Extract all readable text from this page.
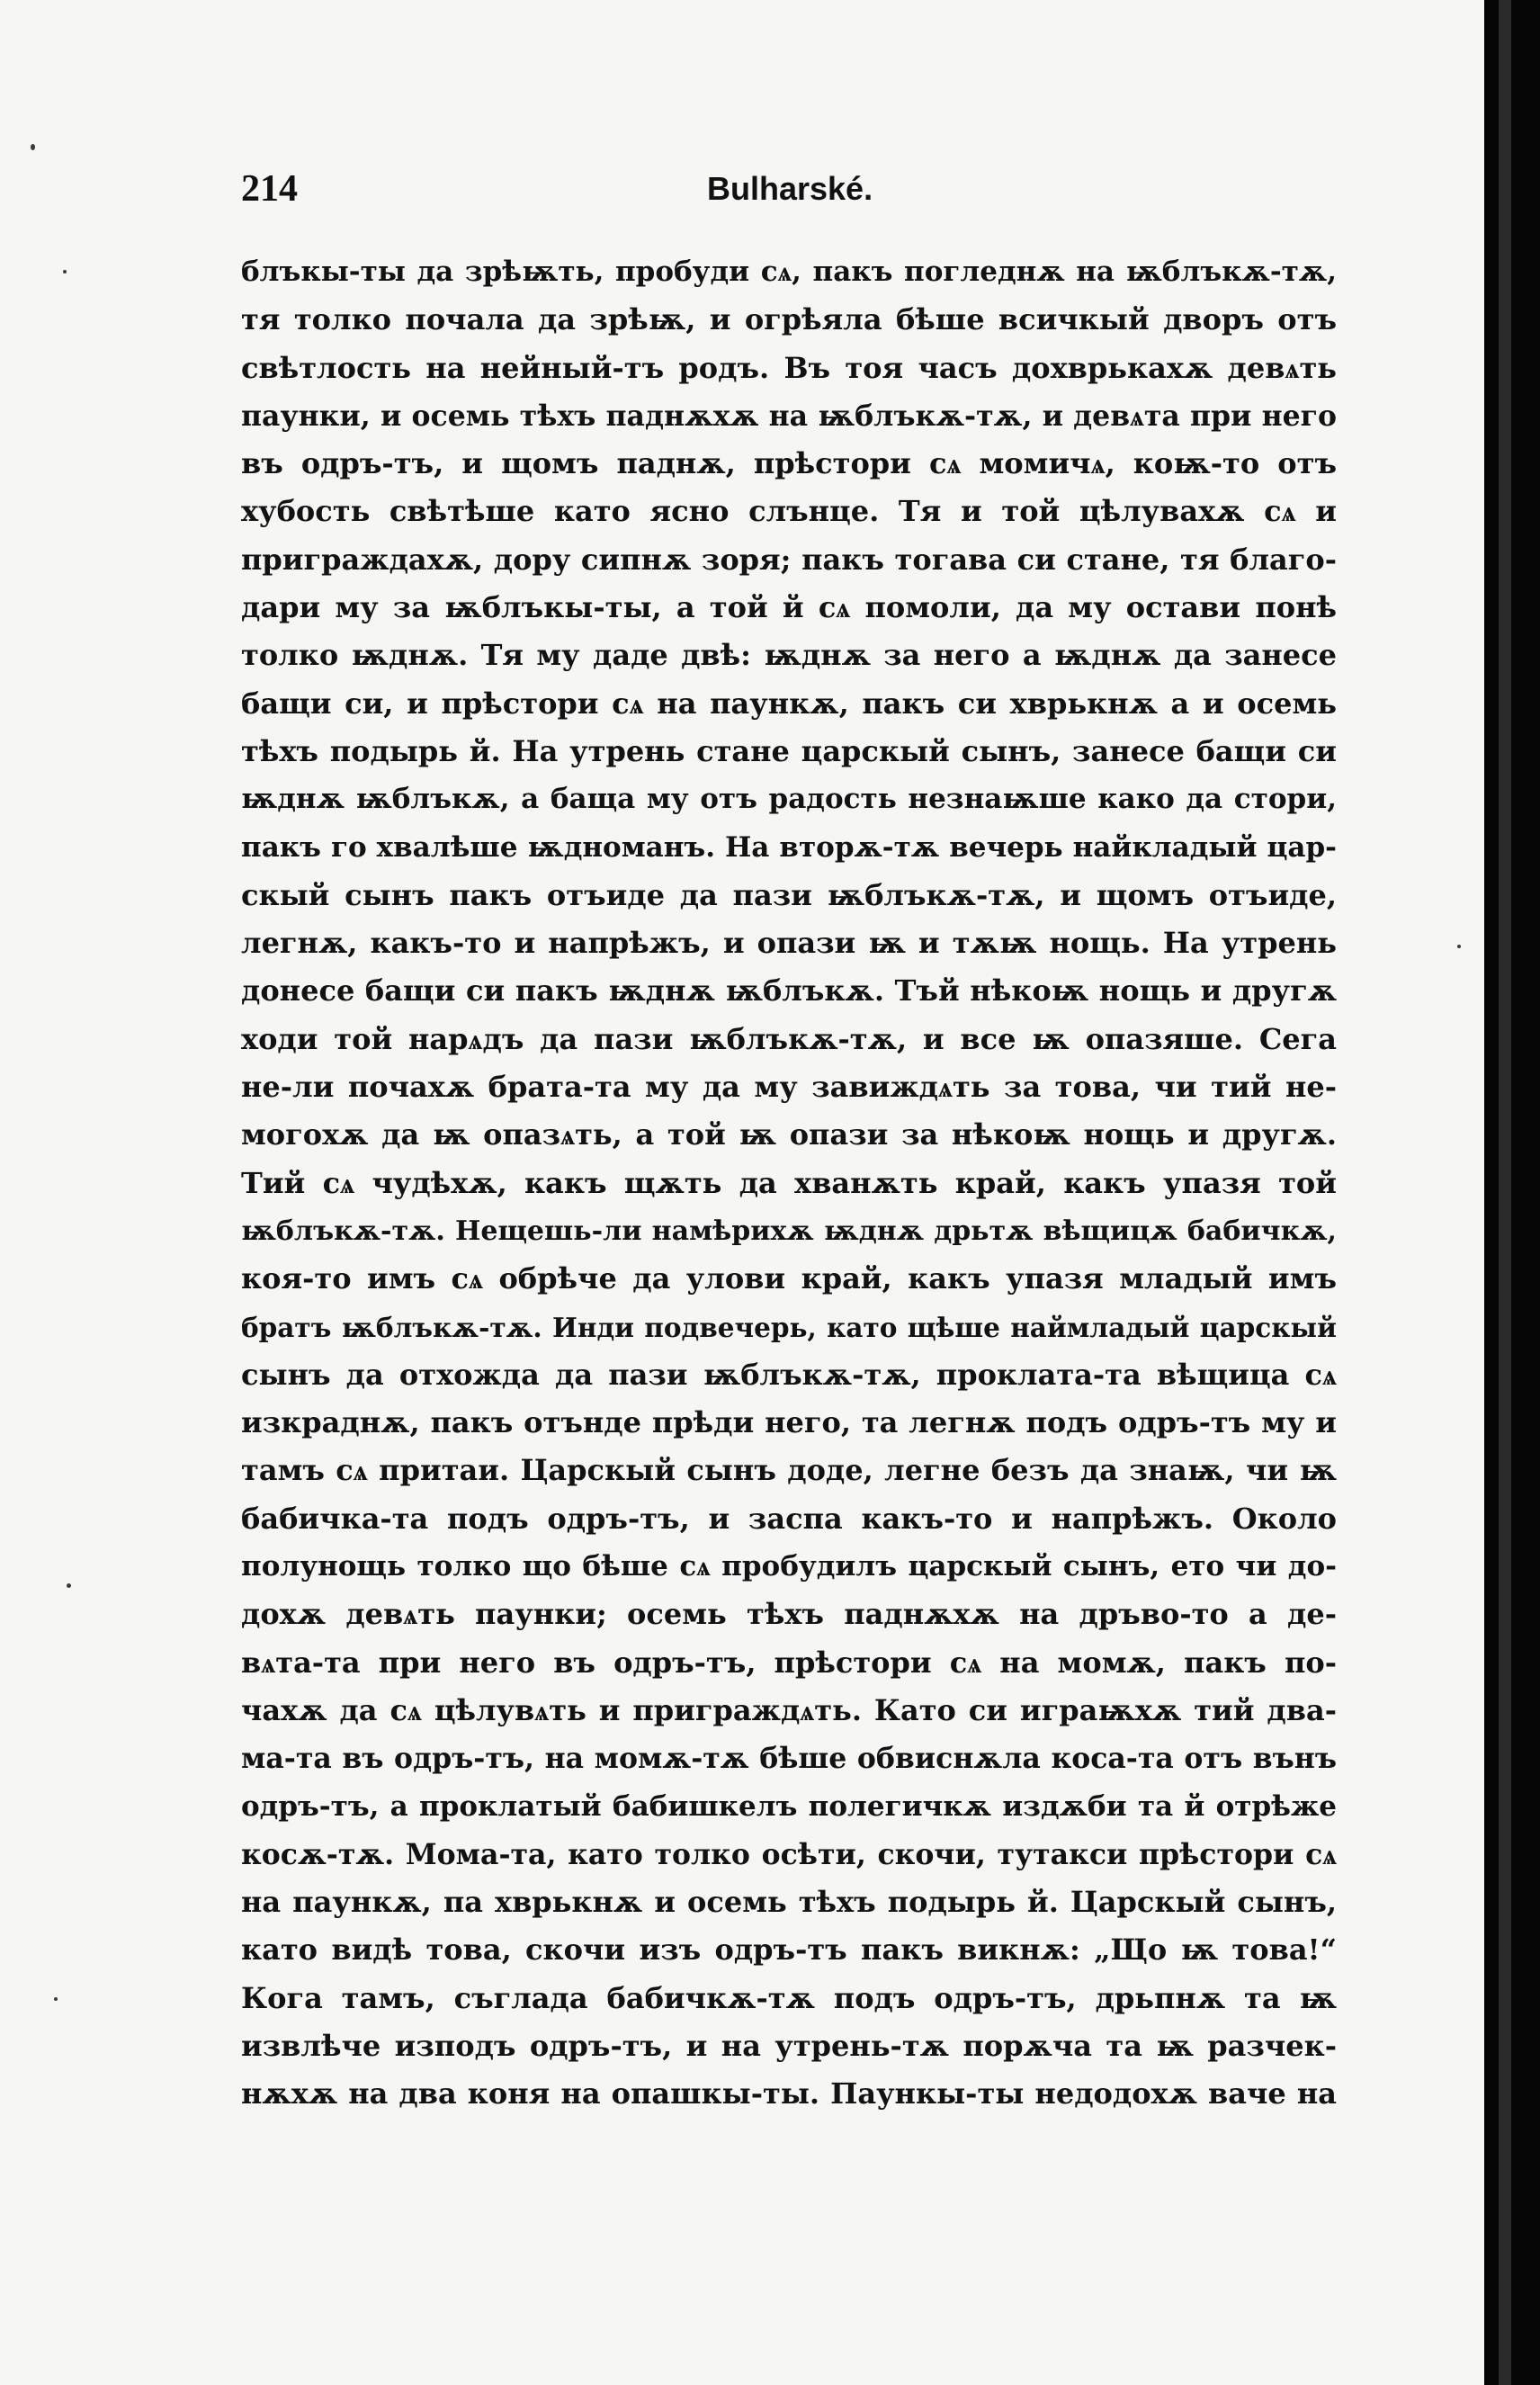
214	Bulharské.
блъкы-ты да зрѣѭть, пробуди сѧ, пакъ погледнѫ на ѭблъкѫ-тѫ,
тя толко почала да зрѣѭ, и огрѣяла бѣше всичкый дворъ отъ
свѣтлость на нейный-тъ родъ. Въ тоя часъ дохврькахѫ девѧть
паунки, и осемь тѣхъ паднѫхѫ на ѭблъкѫ-тѫ, и девѧта при него
въ одръ-тъ, и щомъ паднѫ, прѣстори сѧ момичѧ, коѭ-то отъ
хубость свѣтѣше като ясно слънце. Тя и той цѣлувахѫ сѧ и
приграждахѫ, дору сипнѫ зоря; пакъ тогава си стане, тя благо-
дари му за ѭблъкы-ты, а той й сѧ помоли, да му остави понѣ
толко ѭднѫ. Тя му даде двѣ: ѭднѫ за него а ѭднѫ да занесе
бащи си, и прѣстори сѧ на паункѫ, пакъ си хврькнѫ а и осемь
тѣхъ подырь й. На утрень стане царскый сынъ, занесе бащи си
ѭднѫ ѭблъкѫ, а баща му отъ радость незнаѭше како да стори,
пакъ го хвалѣше ѭдноманъ. На вторѫ-тѫ вечерь найкладый цар-
скый сынъ пакъ отъиде да пази ѭблъкѫ-тѫ, и щомъ отъиде,
легнѫ, какъ-то и напрѣжъ, и опази ѭ и тѫѭ нощь. На утрень
донесе бащи си пакъ ѭднѫ ѭблъкѫ. Тъй нѣкоѭ нощь и другѫ
ходи той нарѧдъ да пази ѭблъкѫ-тѫ, и все ѭ опазяше. Сега
не-ли почахѫ брата-та му да му завиждѧть за това, чи тий не-
могохѫ да ѭ опазѧть, а той ѭ опази за нѣкоѭ нощь и другѫ.
Тий сѧ чудѣхѫ, какъ щѫть да хванѫть край, какъ упазя той
ѭблъкѫ-тѫ. Нещешь-ли намѣрихѫ ѭднѫ дрьтѫ вѣщицѫ бабичкѫ,
коя-то имъ сѧ обрѣче да улови край, какъ упазя младый имъ
братъ ѭблъкѫ-тѫ. Инди подвечерь, като щѣше наймладый царскый
сынъ да отхожда да пази ѭблъкѫ-тѫ, проклата-та вѣщица сѧ
изкраднѫ, пакъ отънде прѣди него, та легнѫ подъ одръ-тъ му и
тамъ сѧ притаи. Царскый сынъ доде, легне безъ да знаѭ, чи ѭ
бабичка-та подъ одръ-тъ, и заспа какъ-то и напрѣжъ. Около
полунощь толко що бѣше сѧ пробудилъ царскый сынъ, ето чи до-
дохѫ девѧть паунки; осемь тѣхъ паднѫхѫ на дръво-то а де-
вѧта-та при него въ одръ-тъ, прѣстори сѧ на момѫ, пакъ по-
чахѫ да сѧ цѣлувѧть и приграждѧть. Като си играѭхѫ тий два-
ма-та въ одръ-тъ, на момѫ-тѫ бѣше обвиснѫла коса-та отъ вънъ
одръ-тъ, а проклатый бабишкелъ полегичкѫ издѫби та й отрѣже
косѫ-тѫ. Мома-та, като толко осѣти, скочи, тутакси прѣстори сѧ
на паункѫ, па хврькнѫ и осемь тѣхъ подырь й. Царскый сынъ,
като видѣ това, скочи изъ одръ-тъ пакъ викнѫ: „Що ѭ това!“
Кога тамъ, съглада бабичкѫ-тѫ подъ одръ-тъ, дрьпнѫ та ѭ
извлѣче изподъ одръ-тъ, и на утрень-тѫ порѫча та ѭ разчек-
нѫхѫ на два коня на опашкы-ты. Паункы-ты недодохѫ ваче на
